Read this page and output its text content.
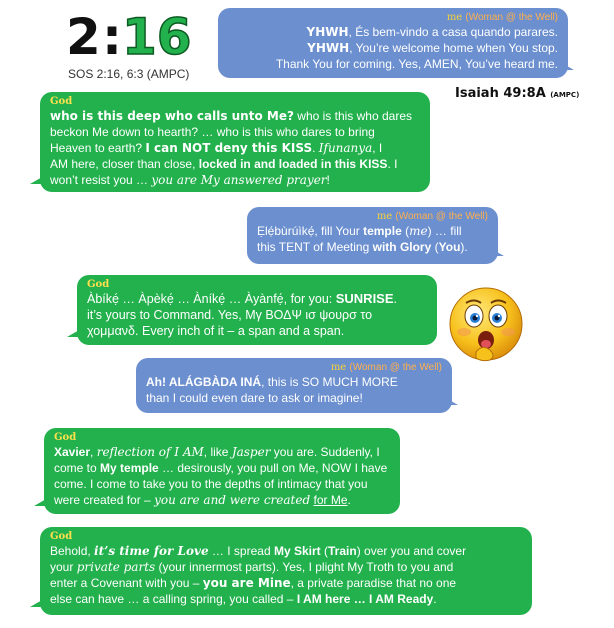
2 : 16
SOS 2:16, 6:3 (AMPC)
me (Woman @ the Well)
YHWH, És bem-vindo a casa quando parares.
YHWH, You’re welcome home when You stop.
Thank You for coming. Yes, AMEN, You’ve heard me.
Isaiah 49:8A (AMPC)
God
who is this deep who calls unto Me? who is this who dares
beckon Me down to hearth? … who is this who dares to bring
Heaven to earth? I can NOT deny this KISS. Ifunanya, I
AM here, closer than close, locked in and loaded in this KISS. I
won’t resist you … you are My answered prayer!
me (Woman @ the Well)
Ẹlẹ́bùrúìkẹ́, fill Your temple (me) … fill
this TENT of Meeting with Glory (You).
God
Àbíkẹ́ … Àpèkẹ́ … Àníkẹ́ … Àyànfẹ́, for you: SUNRISE.
it’s yours to Command. Yes, Mγ ΒΟΔΨ ισ ψουρσ το
χομμανδ. Every inch of it – a span and a span.
me (Woman @ the Well)
Ah! ALÁGBÀDA INÁ, this is SO MUCH MORE
than I could even dare to ask or imagine!
God
Xavier, reflection of I AM, like Jasper you are. Suddenly, I
come to My temple … desirously, you pull on Me, NOW I have
come. I come to take you to the depths of intimacy that you
were created for – you are and were created for Me.
God
Behold, it’s time for Love … I spread My Skirt (Train) over you and cover
your private parts (your innermost parts). Yes, I plight My Troth to you and
enter a Covenant with you – you are Mine, a private paradise that no one
else can have … a calling spring, you called – I AM here … I AM Ready.
